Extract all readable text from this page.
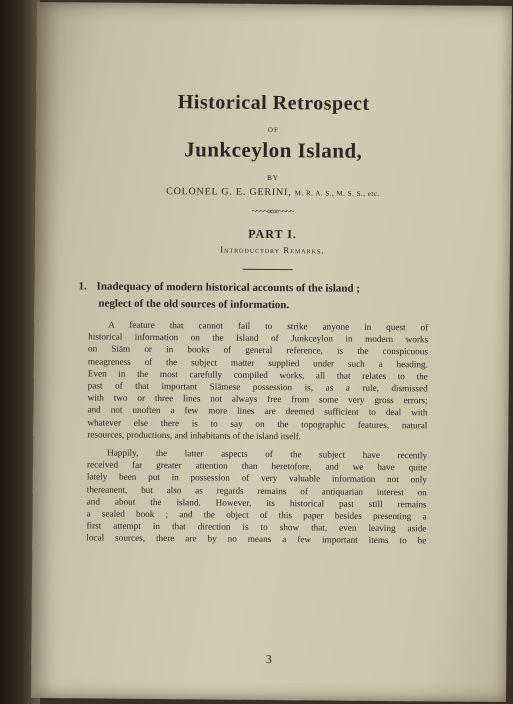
Historical Retrospect
OF
Junkceylon Island,
BY
COLONEL G. E. GERINI, M. R. A. S., M. S. S., etc.
~~~~∞∞~~~~
PART I.
Introductory Remarks.
1. Inadequacy of modern historical accounts of the island ;
neglect of the old sources of information.

A feature that cannot fail to strike anyone in quest of
historical information on the Island of Junkceylon in modern works
on Siām or in books of general reference, is the conspicuous
meagreness of the subject matter supplied under such a heading.
Even in the most carefully compiled works, all that relates to the
past of that important Siāmese possession is, as a rule, dismissed
with two or three lines not always free from some very gross errors;
and not unoften a few more lines are deemed sufficient to deal with
whatever else there is to say on the topographic features, natural
resources, productions, and inhabitants of the island itself.

Happily, the latter aspects of the subject have recently
received far greater attention than heretofore, and we have quite
lately been put in possession of very valuable information not only
thereanent, but also as regards remains of antiquarian interest on
and about the island. However, its historical past still remains
a sealed book ; and the object of this paper besides presenting a
first attempt in that direction is to show that, even leaving aside
local sources, there are by no means a few important items to be

3
